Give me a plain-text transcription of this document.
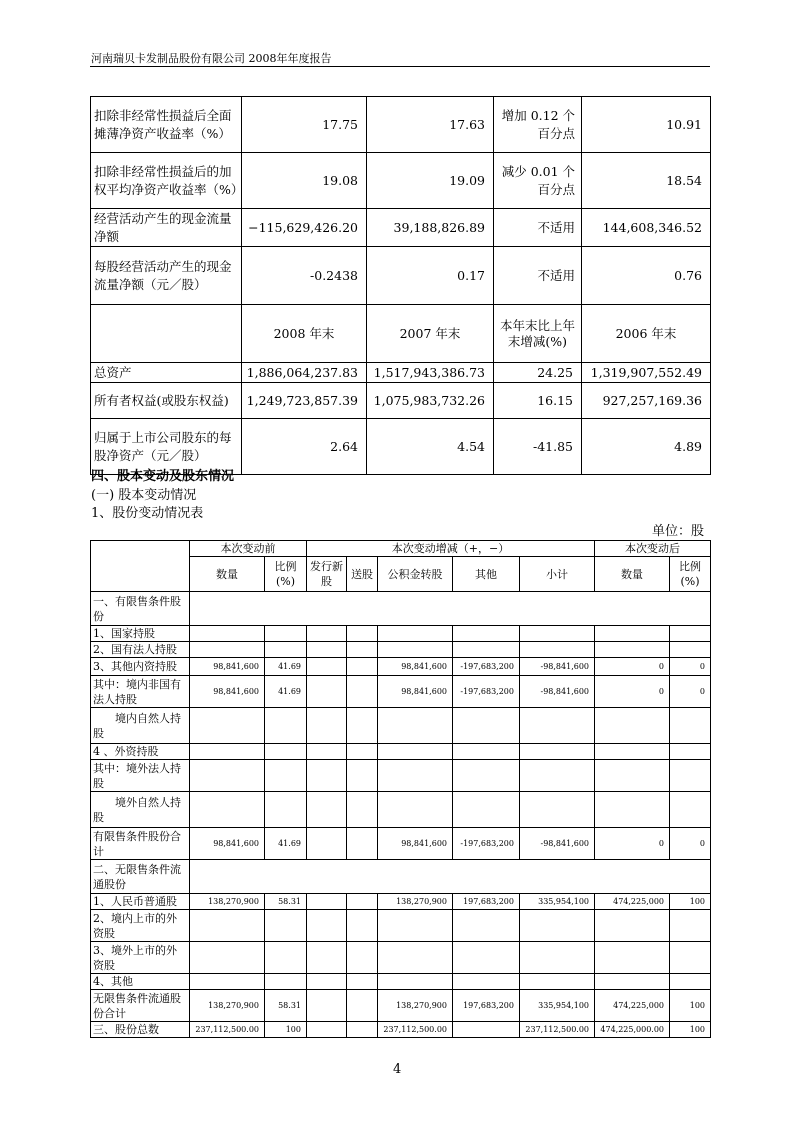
河南瑞贝卡发制品股份有限公司 2008年年度报告
扣除非经常性损益后全面摊薄净资产收益率（%）	17.75	17.63	增加 0.12 个百分点	10.91
扣除非经常性损益后的加权平均净资产收益率（%）	19.08	19.09	减少 0.01 个百分点	18.54
经营活动产生的现金流量净额	−115,629,426.20	39,188,826.89	不适用	144,608,346.52
每股经营活动产生的现金流量净额（元／股）	-0.2438	0.17	不适用	0.76
	2008 年末	2007 年末	本年末比上年末增减(%)	2006 年末
总资产	1,886,064,237.83	1,517,943,386.73	24.25	1,319,907,552.49
所有者权益(或股东权益)	1,249,723,857.39	1,075,983,732.26	16.15	927,257,169.36
归属于上市公司股东的每股净资产（元／股）	2.64	4.54	-41.85	4.89
四、股本变动及股东情况
(一) 股本变动情况
1、股份变动情况表
单位：股
	本次变动前		本次变动增减（+，−）					本次变动后	
	数量	比例(%)	发行新股	送股	公积金转股	其他	小计	数量	比例(%)
一、有限售条件股份									
1、国家持股									
2、国有法人持股									
3、其他内资持股	98,841,600	41.69			98,841,600	-197,683,200	-98,841,600	0	0
其中：境内非国有法人持股	98,841,600	41.69			98,841,600	-197,683,200	-98,841,600	0	0
　　境内自然人持股									
4 、外资持股									
其中：境外法人持股									
　　境外自然人持股									
有限售条件股份合计	98,841,600	41.69			98,841,600	-197,683,200	-98,841,600	0	0
二、无限售条件流通股份									
1、人民币普通股	138,270,900	58.31			138,270,900	197,683,200	335,954,100	474,225,000	100
2、境内上市的外资股									
3、境外上市的外资股									
4、其他									
无限售条件流通股份合计	138,270,900	58.31			138,270,900	197,683,200	335,954,100	474,225,000	100
三、股份总数	237,112,500.00	100			237,112,500.00		237,112,500.00	474,225,000.00	100
4
